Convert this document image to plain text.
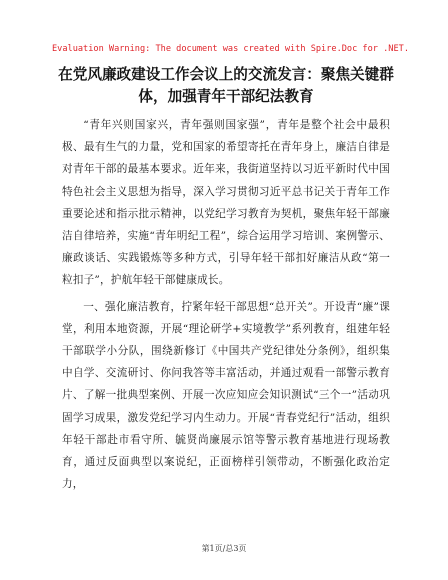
Evaluation Warning: The document was created with Spire.Doc for .NET.
在党风廉政建设工作会议上的交流发言：聚焦关键群体，加强青年干部纪法教育

“青年兴则国家兴，青年强则国家强”，青年是整个社会中最积极、最有生气的力量，党和国家的希望寄托在青年身上，廉洁自律是对青年干部的最基本要求。近年来，我街道坚持以习近平新时代中国特色社会主义思想为指导，深入学习贯彻习近平总书记关于青年工作重要论述和指示批示精神，以党纪学习教育为契机，聚焦年轻干部廉洁自律培养，实施“青年明纪工程”，综合运用学习培训、案例警示、廉政谈话、实践锻炼等多种方式，引导年轻干部扣好廉洁从政“第一粒扣子”，护航年轻干部健康成长。

一、强化廉洁教育，拧紧年轻干部思想“总开关”。开设青“廉”课堂，利用本地资源，开展“理论研学+实境教学”系列教育，组建年轻干部联学小分队，围绕新修订《中国共产党纪律处分条例》，组织集中自学、交流研讨、你问我答等丰富活动，并通过观看一部警示教育片、了解一批典型案例、开展一次应知应会知识测试“三个一”活动巩固学习成果，激发党纪学习内生动力。开展“青春党纪行”活动，组织年轻干部赴市看守所、毓贤尚廉展示馆等警示教育基地进行现场教育，通过反面典型以案说纪，正面榜样引领带动，不断强化政治定力，

第1页/总3页
